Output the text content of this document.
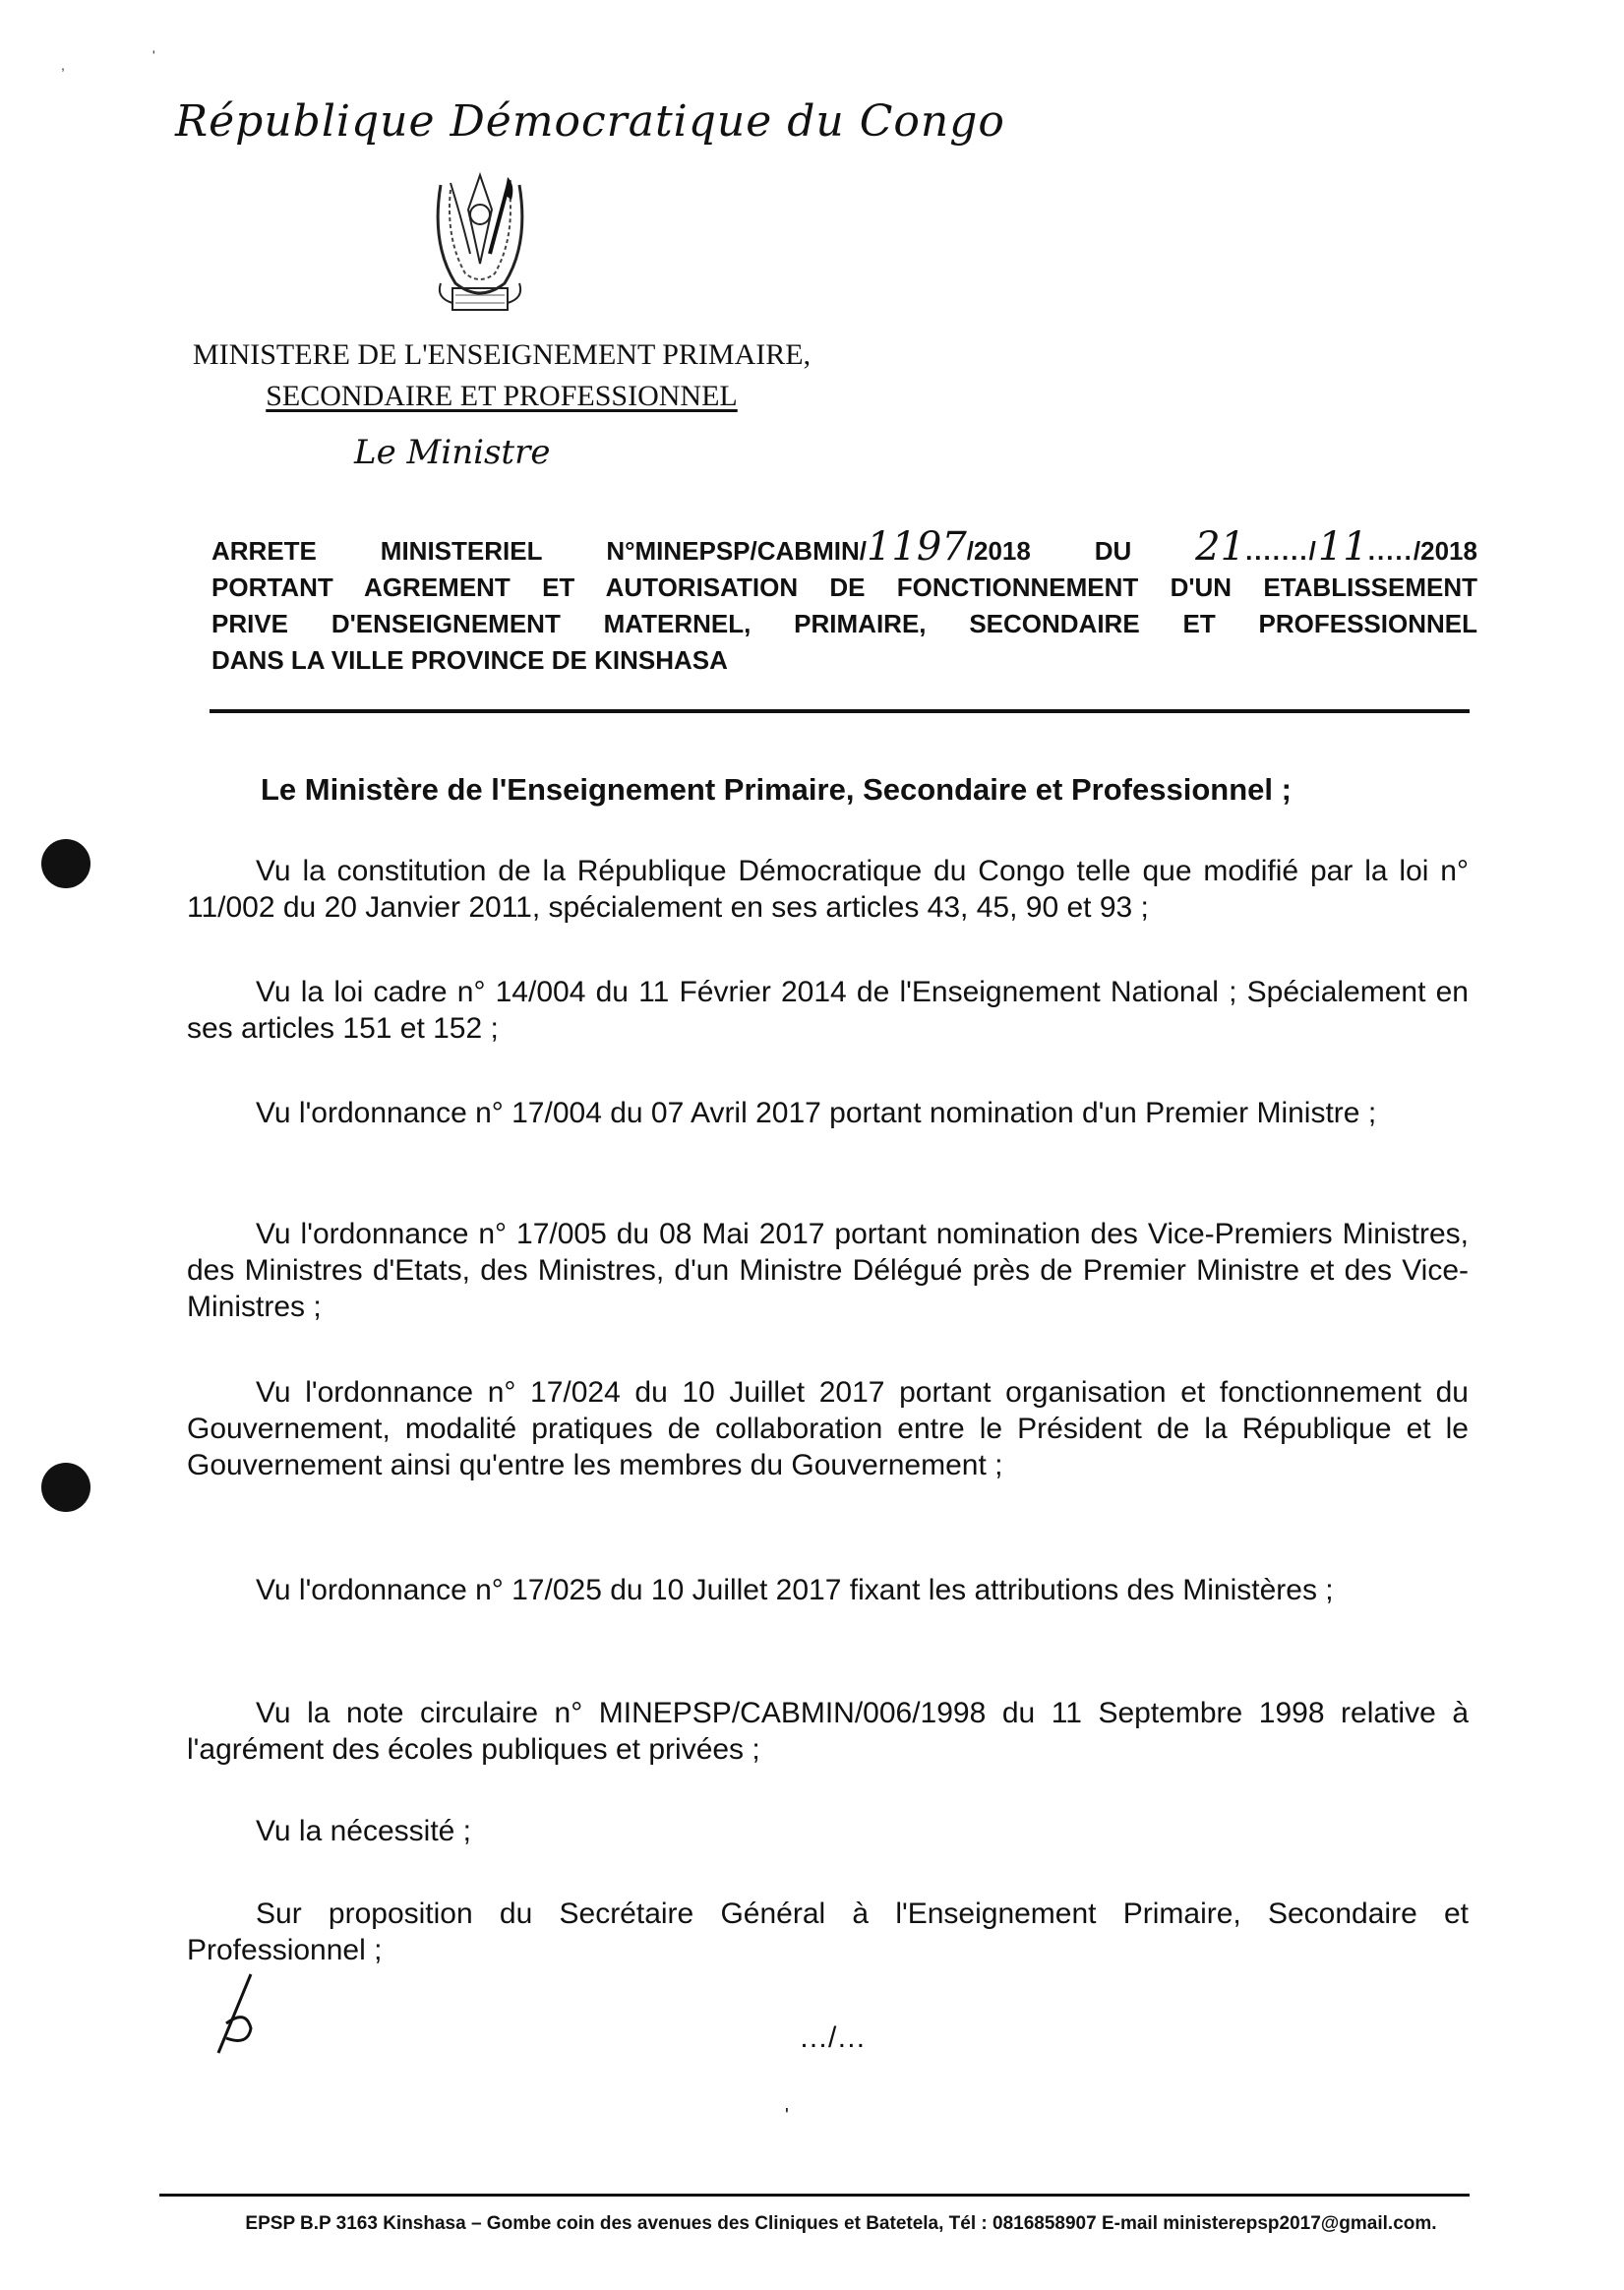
,
'
République Démocratique du Congo
MINISTERE DE L'ENSEIGNEMENT PRIMAIRE,
SECONDAIRE ET PROFESSIONNEL
Le Ministre
ARRETE MINISTERIEL N°MINEPSP/CABMIN/1197/2018 DU 21......./11...../2018
PORTANT AGREMENT ET AUTORISATION DE FONCTIONNEMENT D'UN ETABLISSEMENT
PRIVE D'ENSEIGNEMENT MATERNEL, PRIMAIRE, SECONDAIRE ET PROFESSIONNEL
DANS LA VILLE PROVINCE DE KINSHASA
Le Ministère de l'Enseignement Primaire, Secondaire et Professionnel ;

Vu la constitution de la République Démocratique du Congo telle que modifié par la loi n° 11/002 du 20 Janvier 2011, spécialement en ses articles 43, 45, 90 et 93 ;

Vu la loi cadre n° 14/004 du 11 Février 2014 de l'Enseignement National ; Spécialement en ses articles 151 et 152 ;

Vu l'ordonnance n° 17/004 du 07 Avril 2017 portant nomination d'un Premier Ministre ;

Vu l'ordonnance n° 17/005 du 08 Mai 2017 portant nomination des Vice-Premiers Ministres, des Ministres d'Etats, des Ministres, d'un Ministre Délégué près de Premier Ministre et des Vice-Ministres ;

Vu l'ordonnance n° 17/024 du 10 Juillet 2017 portant organisation et fonctionnement du Gouvernement, modalité pratiques de collaboration entre le Président de la République et le Gouvernement ainsi qu'entre les membres du Gouvernement ;

Vu l'ordonnance n° 17/025 du 10 Juillet 2017 fixant les attributions des Ministères ;

Vu la note circulaire n° MINEPSP/CABMIN/006/1998 du 11 Septembre 1998 relative à l'agrément des écoles publiques et privées ;

Vu la nécessité ;

Sur proposition du Secrétaire Général à l'Enseignement Primaire, Secondaire et Professionnel ;

…/…
'
EPSP B.P 3163 Kinshasa – Gombe coin des avenues des Cliniques et Batetela, Tél : 0816858907 E-mail ministerepsp2017@gmail.com.
